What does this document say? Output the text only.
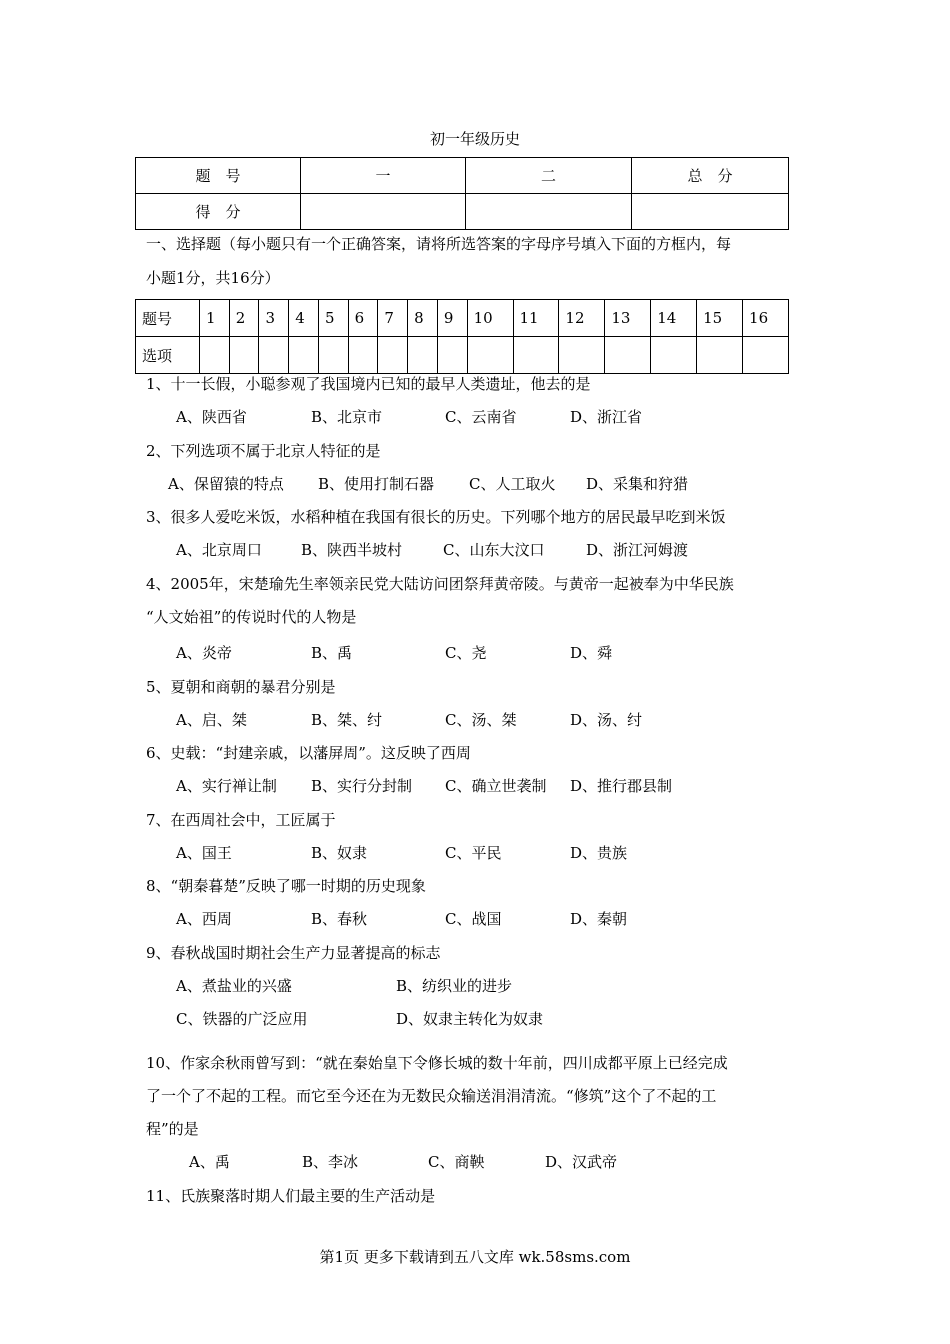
初一年级历史
题　号	一	二	总　分
得　分			
一、选择题（每小题只有一个正确答案，请将所选答案的字母序号填入下面的方框内，每
小题1分，共16分）
题号	1	2	3	4	5	6	7	8	9	10	11	12	13	14	15	16
选项																
1、十一长假，小聪参观了我国境内已知的最早人类遗址，他去的是
A、陕西省	B、北京市	C、云南省	D、浙江省
2、下列选项不属于北京人特征的是
A、保留猿的特点 B、使用打制石器 C、人工取火 D、采集和狩猎
3、很多人爱吃米饭，水稻种植在我国有很长的历史。下列哪个地方的居民最早吃到米饭
A、北京周口	B、陕西半坡村	C、山东大汶口	D、浙江河姆渡
4、2005年，宋楚瑜先生率领亲民党大陆访问团祭拜黄帝陵。与黄帝一起被奉为中华民族
“人文始祖”的传说时代的人物是
A、炎帝	B、禹	C、尧	D、舜
5、夏朝和商朝的暴君分别是
A、启、桀	B、桀、纣	C、汤、桀	D、汤、纣
6、史载：“封建亲戚，以藩屏周”。这反映了西周
A、实行禅让制 B、实行分封制 C、确立世袭制 D、推行郡县制
7、在西周社会中，工匠属于
A、国王	B、奴隶	C、平民	D、贵族
8、“朝秦暮楚”反映了哪一时期的历史现象
A、西周	B、春秋	C、战国	D、秦朝
9、春秋战国时期社会生产力显著提高的标志
A、煮盐业的兴盛	B、纺织业的进步
C、铁器的广泛应用	D、奴隶主转化为奴隶
10、作家余秋雨曾写到：“就在秦始皇下令修长城的数十年前，四川成都平原上已经完成
了一个了不起的工程。而它至今还在为无数民众输送涓涓清流。“修筑”这个了不起的工
程”的是
A、禹	B、李冰	C、商鞅	D、汉武帝
11、氏族聚落时期人们最主要的生产活动是
第1页 更多下载请到五八文库 wk.58sms.com
